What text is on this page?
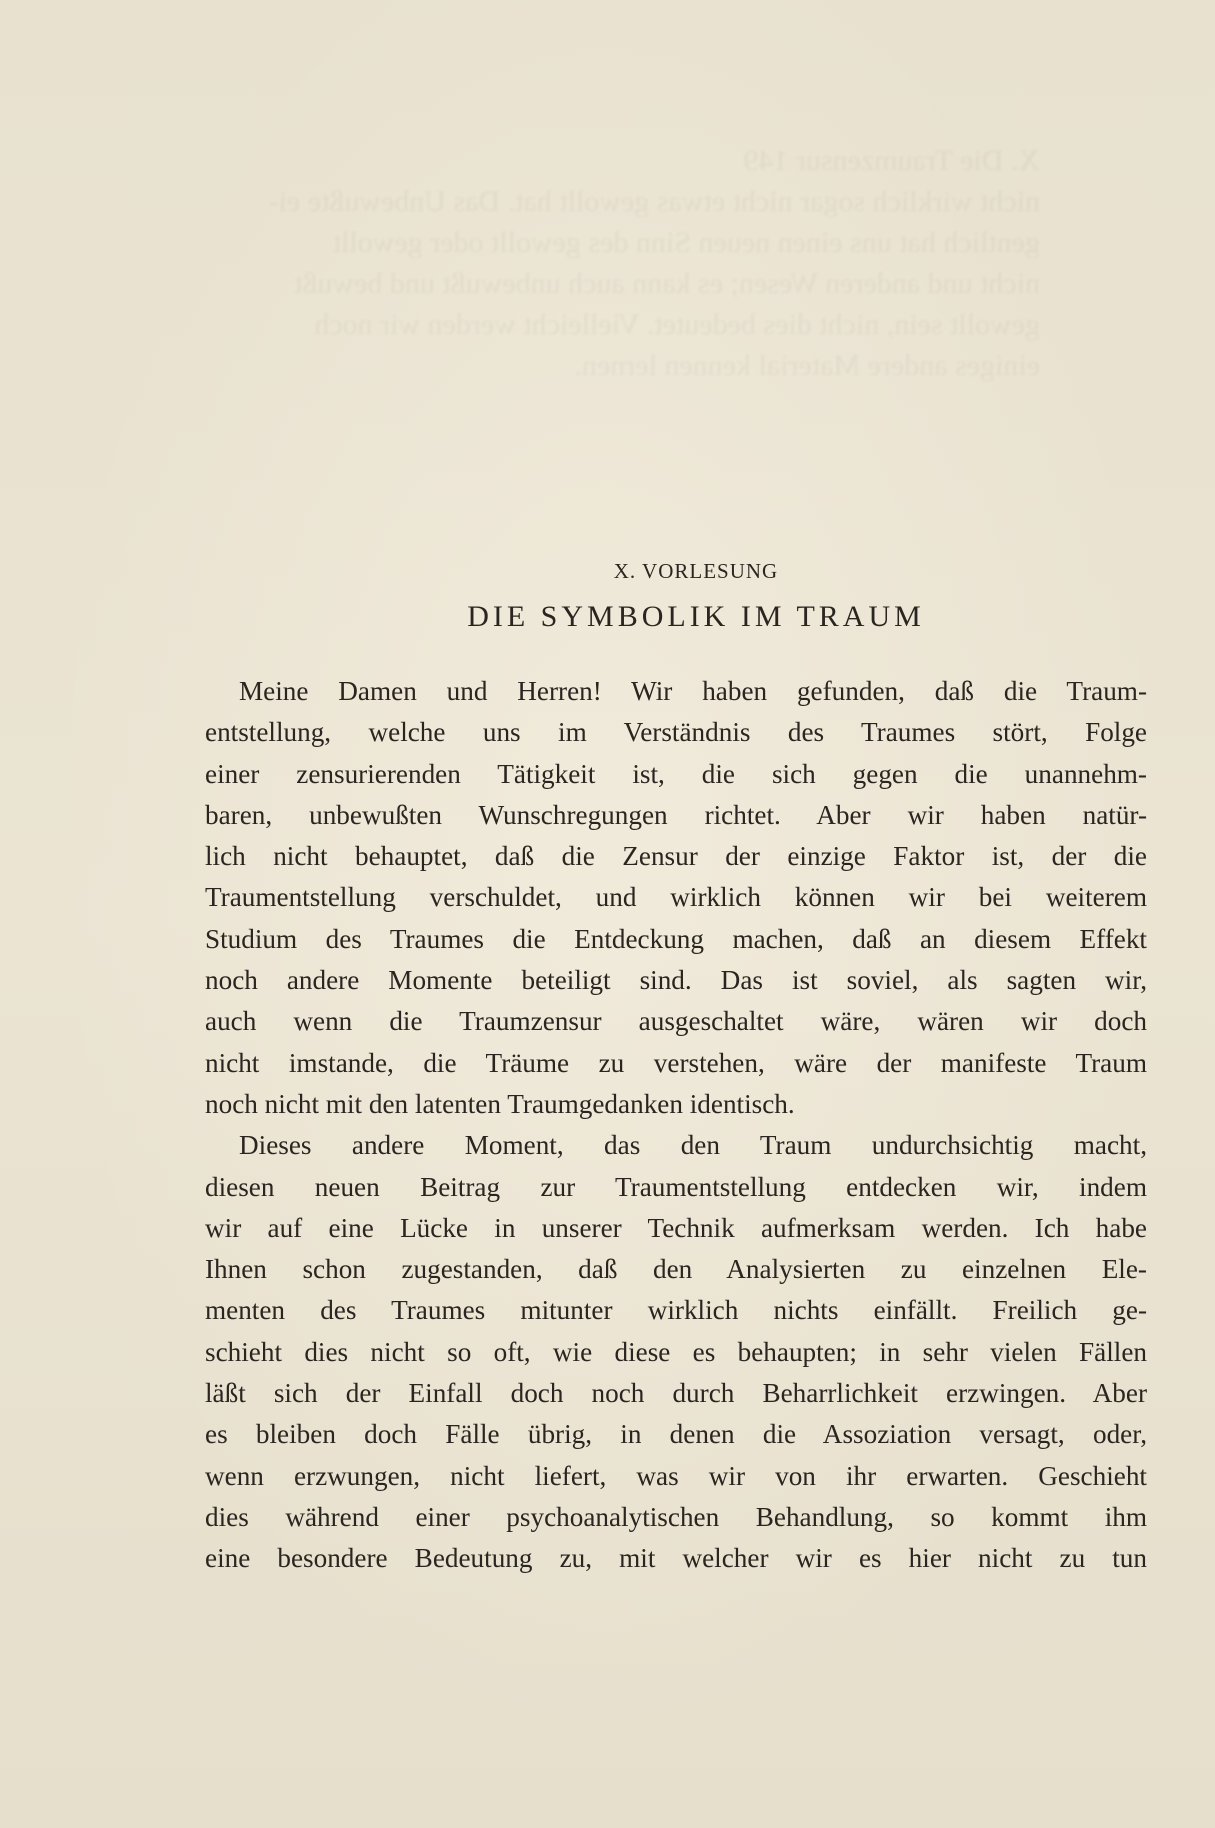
X. Die Traumzensur 149
nicht wirklich sogar nicht etwas gewollt hat. Das Unbewußte ei-
gentlich hat uns einen neuen Sinn des gewollt oder gewollt
nicht und anderen Wesen; es kann auch unbewußt und bewußt
gewollt sein, nicht dies bedeutet. Vielleicht werden wir noch
einiges andere Material kennen lernen.
X. VORLESUNG
DIE SYMBOLIK IM TRAUM

Meine Damen und Herren! Wir haben gefunden, daß die Traum-
entstellung, welche uns im Verständnis des Traumes stört, Folge
einer zensurierenden Tätigkeit ist, die sich gegen die unannehm-
baren, unbewußten Wunschregungen richtet. Aber wir haben natür-
lich nicht behauptet, daß die Zensur der einzige Faktor ist, der die
Traumentstellung verschuldet, und wirklich können wir bei weiterem
Studium des Traumes die Entdeckung machen, daß an diesem Effekt
noch andere Momente beteiligt sind. Das ist soviel, als sagten wir,
auch wenn die Traumzensur ausgeschaltet wäre, wären wir doch
nicht imstande, die Träume zu verstehen, wäre der manifeste Traum
noch nicht mit den latenten Traumgedanken identisch.

Dieses andere Moment, das den Traum undurchsichtig macht,
diesen neuen Beitrag zur Traumentstellung entdecken wir, indem
wir auf eine Lücke in unserer Technik aufmerksam werden. Ich habe
Ihnen schon zugestanden, daß den Analysierten zu einzelnen Ele-
menten des Traumes mitunter wirklich nichts einfällt. Freilich ge-
schieht dies nicht so oft, wie diese es behaupten; in sehr vielen Fällen
läßt sich der Einfall doch noch durch Beharrlichkeit erzwingen. Aber
es bleiben doch Fälle übrig, in denen die Assoziation versagt, oder,
wenn erzwungen, nicht liefert, was wir von ihr erwarten. Geschieht
dies während einer psychoanalytischen Behandlung, so kommt ihm
eine besondere Bedeutung zu, mit welcher wir es hier nicht zu tun
